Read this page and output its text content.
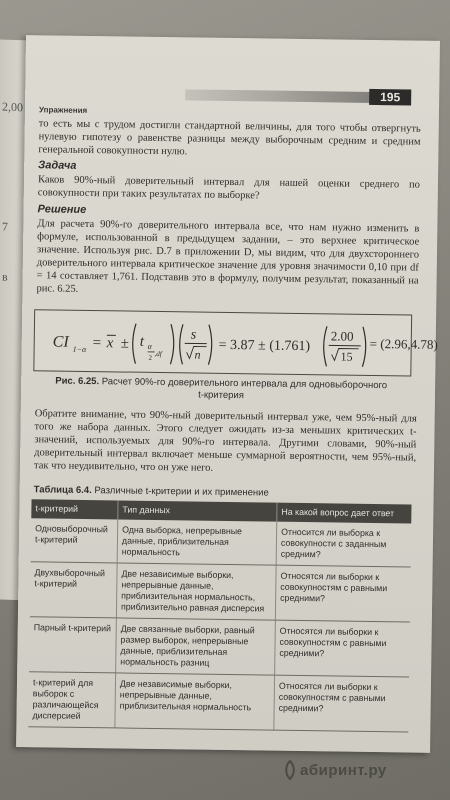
2,00
7
в
195
Упражнения
то есть мы с трудом достигли стандартной величины, для того чтобы отвергнуть нулевую гипотезу о равенстве разницы между выборочным средним и средним генеральной совокупности нулю.
Задача
Каков 90%-ный доверительный интервал для нашей оценки среднего по совокупности при таких результатах по выборке?
Решение
Для расчета 90%-го доверительного интервала все, что нам нужно изменить в формуле, использованной в предыдущем задании, – это верхнее критическое значение. Используя рис. D.7 в приложении D, мы видим, что для двухстороннего доверительного интервала критическое значение для уровня значимости 0,10 при df = 14 составляет 1,761. Подставив это в формулу, получим результат, показанный на рис. 6.25.
CI 1−α = x ± t α
2 ,df
s
n
= 3.87 ± (1.761)
2.00
15
= (2.96,4.78)
Рис. 6.25. Расчет 90%-го доверительного интервала для одновыборочного t-критерия
Обратите внимание, что 90%-ный доверительный интервал уже, чем 95%-ный для того же набора данных. Этого следует ожидать из-за меньших критических t-значений, используемых для 90%-го интервала. Другими словами, 90%-ный доверительный интервал включает меньше суммарной вероятности, чем 95%-ный, так что неудивительно, что он уже него.
Таблица 6.4. Различные t-критерии и их применение
t-критерий	Тип данных	На какой вопрос дает ответ
Одновыборочный t-критерий	Одна выборка, непрерывные данные, приблизительная нормальность	Относится ли выборка к совокупности с заданным средним?
Двухвыборочный t-критерий	Две независимые выборки, непрерывные данные, приблизительная нормальность, приблизительно равная дисперсия	Относятся ли выборки к совокупностям с равными средними?
Парный t-критерий	Две связанные выборки, равный размер выборок, непрерывные данные, приблизительная нормальность разниц	Относятся ли выборки к совокупностям с равными средними?
t-критерий для выборок с различающейся дисперсией	Две независимые выборки, непрерывные данные, приблизительная нормальность	Относятся ли выборки к совокупностям с равными средними?
абиринт.ру
